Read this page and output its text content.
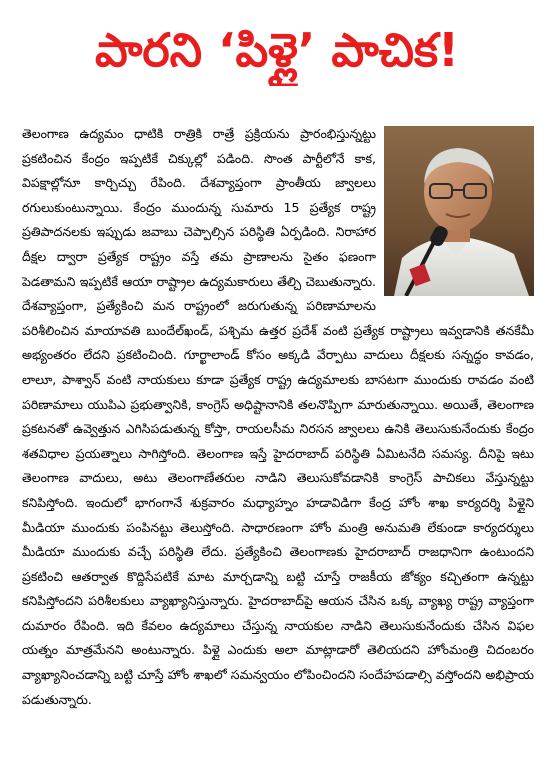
పారని ‘పిళ్లై’ పాచిక!

తెలంగాణ ఉద్యమం ధాటికి రాత్రికి రాత్రే ప్రక్రియను ప్రారంభిస్తున్నట్టు ప్రకటించిన కేంద్రం ఇప్పటికే చిక్కుల్లో పడింది. సొంత పార్టీలోనే కాక, విపక్షాల్లోనూ కార్చిచ్చు రేపింది. దేశవ్యాప్తంగా ప్రాంతీయ జ్వాలలు రగులుకుంటున్నాయి. కేంద్రం ముందున్న సుమారు 15 ప్రత్యేక రాష్ట్ర ప్రతిపాదనలకు ఇప్పుడు జవాబు చెప్పాల్సిన పరిస్థితి ఏర్పడింది. నిరాహార దీక్షల ద్వారా ప్రత్యేక రాష్ట్రం వస్తే తమ ప్రాణాలను సైతం ఫణంగా పెడతామని ఇప్పటికే ఆయా రాష్ట్రాల ఉద్యమకారులు తేల్చి చెబుతున్నారు. దేశవ్యాప్తంగా, ప్రత్యేకించి మన రాష్ట్రంలో జరుగుతున్న పరిణామాలను పరిశీలించిన మాయావతి బుందేల్‌ఖండ్, పశ్చిమ ఉత్తర ప్రదేశ్ వంటి ప్రత్యేక రాష్ట్రాలు ఇవ్వడానికి తనకేమీ అభ్యంతరం లేదని ప్రకటించింది. గూర్ఖాలాండ్ కోసం అక్కడి వేర్పాటు వాదులు దీక్షలకు సన్నద్ధం కావడం, లాలూ, పాశ్వాన్ వంటి నాయకులు కూడా ప్రత్యేక రాష్ట్ర ఉద్యమాలకు బాసటగా ముందుకు రావడం వంటి పరిణామాలు యుపిఎ ప్రభుత్వానికి, కాంగ్రెస్ అధిష్టానానికి తలనొప్పిగా మారుతున్నాయి. అయితే, తెలంగాణ ప్రకటనతో ఉవ్వెత్తున ఎగిసిపడుతున్న కోస్తా, రాయలసీమ నిరసన జ్వాలలు ఉనికి తెలుసుకునేందుకు కేంద్రం శతవిధాల ప్రయత్నాలు సాగిస్తోంది. తెలంగాణ ఇస్తే హైదరాబాద్ పరిస్థితి ఏమిటనేది సమస్య. దీనిపై ఇటు తెలంగాణ వాదులు, అటు తెలంగాణేతరుల నాడిని తెలుసుకోవడానికి కాంగ్రెస్ పాచికలు వేస్తున్నట్టు కనిపిస్తోంది. ఇందులో భాగంగానే శుక్రవారం మధ్యాహ్నం హడావిడిగా కేంద్ర హోం శాఖ కార్యదర్శి పిళ్లైని మీడియా ముందుకు పంపినట్టు తెలుస్తోంది. సాధారణంగా హోం మంత్రి అనుమతి లేకుండా కార్యదర్శులు మీడియా ముందుకు వచ్చే పరిస్థితి లేదు. ప్రత్యేకించి తెలంగాణకు హైదరాబాద్ రాజధానిగా ఉంటుందని ప్రకటించి ఆతర్వాత కొద్దిసేపటికే మాట మార్చడాన్ని బట్టి చూస్తే రాజకీయ జోక్యం కచ్చితంగా ఉన్నట్టు కనిపిస్తోందని పరిశీలకులు వ్యాఖ్యానిస్తున్నారు. హైదరాబాద్‌పై ఆయన చేసిన ఒక్క వ్యాఖ్య రాష్ట్ర వ్యాప్తంగా దుమారం రేపింది. ఇది కేవలం ఉద్యమాలు చేస్తున్న నాయకుల నాడిని తెలుసుకునేందుకు చేసిన విఫల యత్నం మాత్రమేనని అంటున్నారు. పిళ్లై ఎందుకు అలా మాట్లాడారో తెలియదని హోంమంత్రి చిదంబరం వ్యాఖ్యానించడాన్ని బట్టి చూస్తే హోం శాఖలో సమన్వయం లోపించిందని సందేహపడాల్సి వస్తోందని అభిప్రాయ పడుతున్నారు.
